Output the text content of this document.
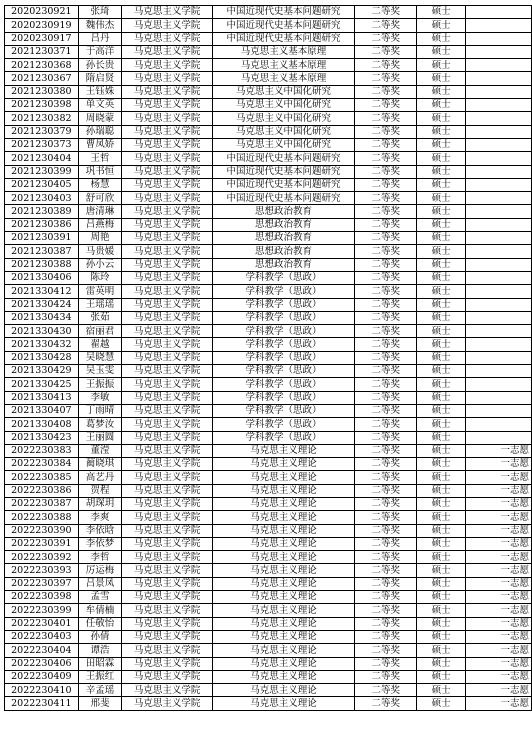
2020230921	张琦	马克思主义学院	中国近现代史基本问题研究	二等奖	硕士	
2020230919	魏伟杰	马克思主义学院	中国近现代史基本问题研究	二等奖	硕士	
2020230917	吕丹	马克思主义学院	中国近现代史基本问题研究	二等奖	硕士	
2021230371	于高洋	马克思主义学院	马克思主义基本原理	二等奖	硕士	
2021230368	孙长贵	马克思主义学院	马克思主义基本原理	二等奖	硕士	
2021230367	隋启贤	马克思主义学院	马克思主义基本原理	二等奖	硕士	
2021230380	王钰姝	马克思主义学院	马克思主义中国化研究	二等奖	硕士	
2021230398	单文英	马克思主义学院	马克思主义中国化研究	二等奖	硕士	
2021230382	周晓蒙	马克思主义学院	马克思主义中国化研究	二等奖	硕士	
2021230379	孙瑞聪	马克思主义学院	马克思主义中国化研究	二等奖	硕士	
2021230373	曹凤娇	马克思主义学院	马克思主义中国化研究	二等奖	硕士	
2021230404	王哲	马克思主义学院	中国近现代史基本问题研究	二等奖	硕士	
2021230399	巩书恒	马克思主义学院	中国近现代史基本问题研究	二等奖	硕士	
2021230405	杨慧	马克思主义学院	中国近现代史基本问题研究	二等奖	硕士	
2021230403	舒可欣	马克思主义学院	中国近现代史基本问题研究	二等奖	硕士	
2021230389	唐清琳	马克思主义学院	思想政治教育	二等奖	硕士	
2021230386	吕燕梅	马克思主义学院	思想政治教育	二等奖	硕士	
2021230391	周艳	马克思主义学院	思想政治教育	二等奖	硕士	
2021230387	马贵媛	马克思主义学院	思想政治教育	二等奖	硕士	
2021230388	孙小云	马克思主义学院	思想政治教育	二等奖	硕士	
2021330406	陈玲	马克思主义学院	学科教学（思政）	二等奖	硕士	
2021330412	雷英明	马克思主义学院	学科教学（思政）	二等奖	硕士	
2021330424	王瑶瑶	马克思主义学院	学科教学（思政）	二等奖	硕士	
2021330434	张茹	马克思主义学院	学科教学（思政）	二等奖	硕士	
2021330430	宿丽君	马克思主义学院	学科教学（思政）	二等奖	硕士	
2021330432	翟越	马克思主义学院	学科教学（思政）	二等奖	硕士	
2021330428	吴晓慧	马克思主义学院	学科教学（思政）	二等奖	硕士	
2021330429	吴玉雯	马克思主义学院	学科教学（思政）	二等奖	硕士	
2021330425	王振振	马克思主义学院	学科教学（思政）	二等奖	硕士	
2021330413	李敏	马克思主义学院	学科教学（思政）	二等奖	硕士	
2021330407	丁雨晴	马克思主义学院	学科教学（思政）	二等奖	硕士	
2021330408	葛梦汝	马克思主义学院	学科教学（思政）	二等奖	硕士	
2021330423	王丽圆	马克思主义学院	学科教学（思政）	二等奖	硕士	
2022230383	董滢	马克思主义学院	马克思主义理论	二等奖	硕士	一志愿
2022230384	蔺晓琪	马克思主义学院	马克思主义理论	二等奖	硕士	一志愿
2022230385	高艺丹	马克思主义学院	马克思主义理论	二等奖	硕士	一志愿
2022230386	贺程	马克思主义学院	马克思主义理论	二等奖	硕士	一志愿
2022230387	胡琛玥	马克思主义学院	马克思主义理论	二等奖	硕士	一志愿
2022230388	李爽	马克思主义学院	马克思主义理论	二等奖	硕士	一志愿
2022230390	李依晗	马克思主义学院	马克思主义理论	二等奖	硕士	一志愿
2022230391	李依梦	马克思主义学院	马克思主义理论	二等奖	硕士	一志愿
2022230392	李哲	马克思主义学院	马克思主义理论	二等奖	硕士	一志愿
2022230393	厉运梅	马克思主义学院	马克思主义理论	二等奖	硕士	一志愿
2022230397	吕景凤	马克思主义学院	马克思主义理论	二等奖	硕士	一志愿
2022230398	孟雪	马克思主义学院	马克思主义理论	二等奖	硕士	一志愿
2022230399	牟倩楠	马克思主义学院	马克思主义理论	二等奖	硕士	一志愿
2022230401	任敬怡	马克思主义学院	马克思主义理论	二等奖	硕士	一志愿
2022230403	孙倩	马克思主义学院	马克思主义理论	二等奖	硕士	一志愿
2022230404	谭浩	马克思主义学院	马克思主义理论	二等奖	硕士	一志愿
2022230406	田昭霖	马克思主义学院	马克思主义理论	二等奖	硕士	一志愿
2022230409	王振红	马克思主义学院	马克思主义理论	二等奖	硕士	一志愿
2022230410	辛孟瑶	马克思主义学院	马克思主义理论	二等奖	硕士	一志愿
2022230411	邢斐	马克思主义学院	马克思主义理论	二等奖	硕士	一志愿
